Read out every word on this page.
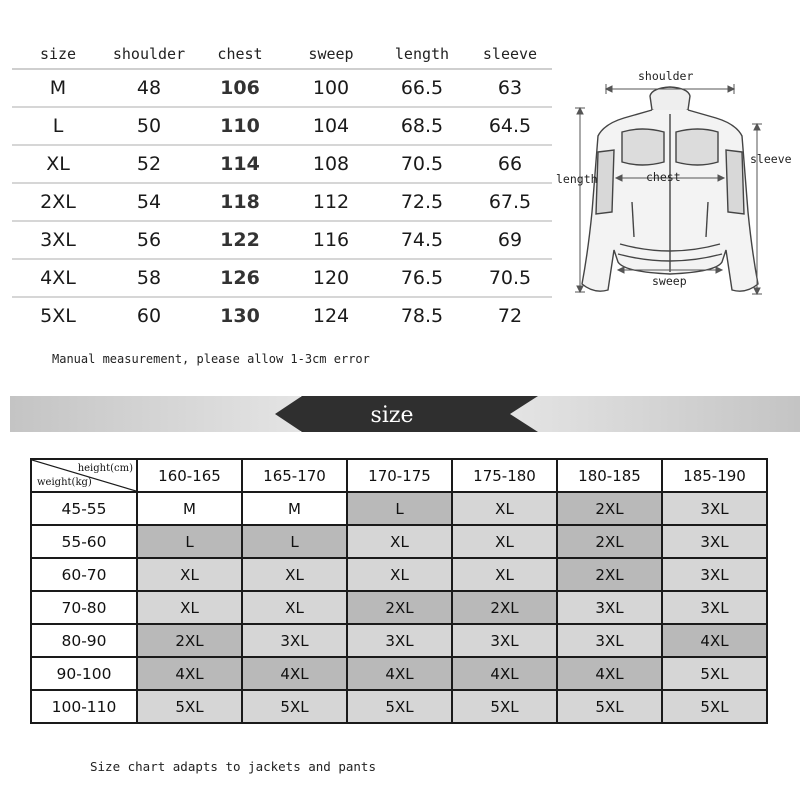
size	shoulder	chest	sweep	length	sleeve
M	48	106	100	66.5	63
L	50	110	104	68.5	64.5
XL	52	114	108	70.5	66
2XL	54	118	112	72.5	67.5
3XL	56	122	116	74.5	69
4XL	58	126	120	76.5	70.5
5XL	60	130	124	78.5	72
Manual measurement, please allow 1-3cm error
shoulder
sleeve
length	chest
sweep
size
height(cm)
weight(kg)	160-165	165-170	170-175	175-180	180-185	185-190
45-55	M	M	L	XL	2XL	3XL
55-60	L	L	XL	XL	2XL	3XL
60-70	XL	XL	XL	XL	2XL	3XL
70-80	XL	XL	2XL	2XL	3XL	3XL
80-90	2XL	3XL	3XL	3XL	3XL	4XL
90-100	4XL	4XL	4XL	4XL	4XL	5XL
100-110	5XL	5XL	5XL	5XL	5XL	5XL
Size chart adapts to jackets and pants
